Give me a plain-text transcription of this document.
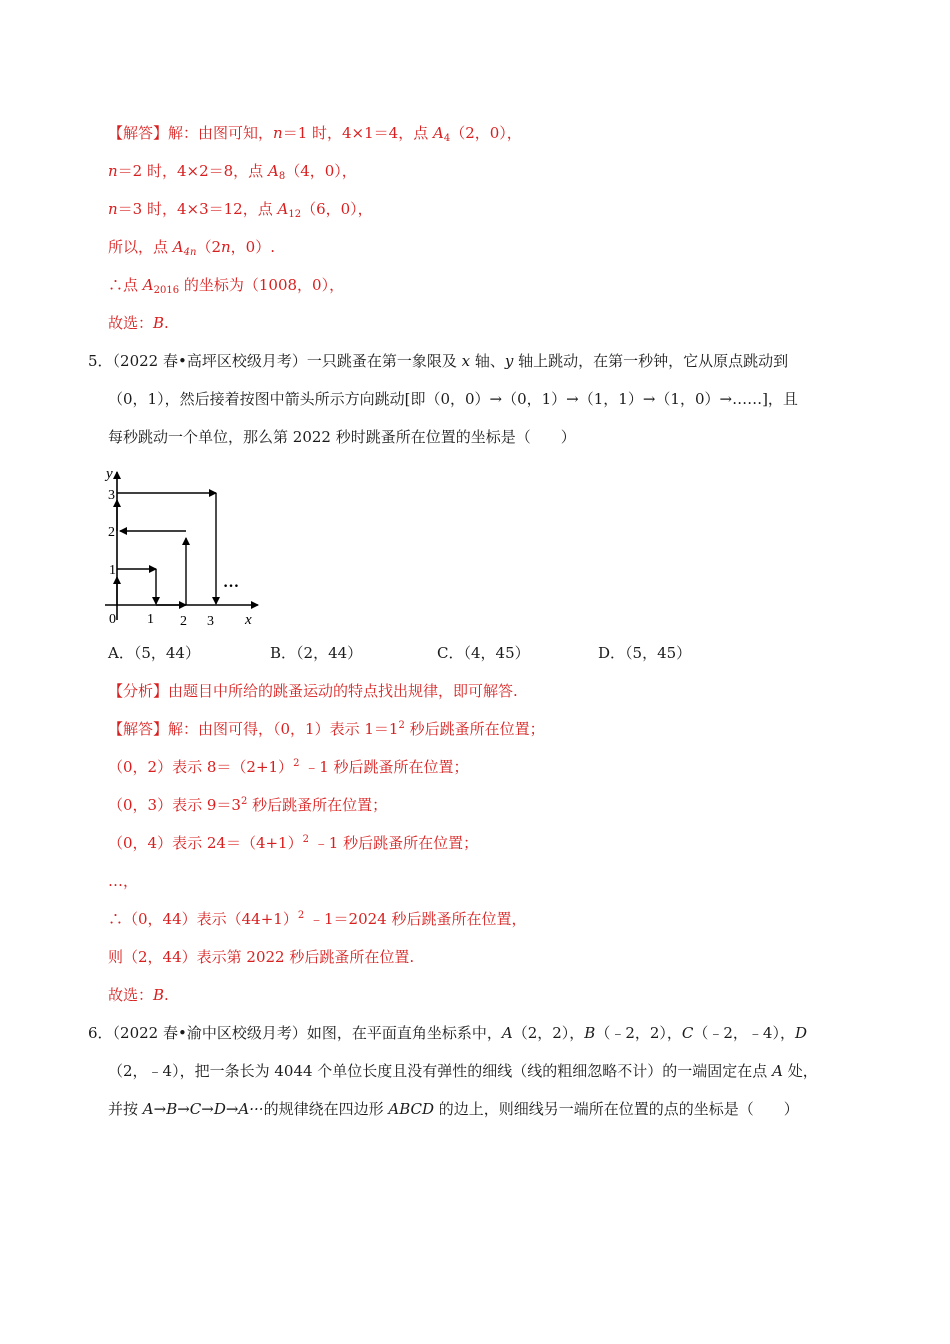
【解答】解：由图可知，n＝1 时，4×1＝4，点 $A_4(2$，0），
n＝2 时，4×2＝8，点 $A_8(4$，0），
n＝3 时，4×3＝12，点 $A_{12}(6$，0），
所以，点 $A_{4n}(2n$，0）.
∴点 $A_{2016}$ 的坐标为（1008，0），
故选：B.
5．（2022 春•高坪区校级月考）一只跳蚤在第一象限及 x 轴、y 轴上跳动，在第一秒钟，它从原点跳动到
（0，1），然后接着按图中箭头所示方向跳动[即（0，0）→（0，1）→（1，1）→（1，0）→……]，且
每秒跳动一个单位，那么第 2022 秒时跳蚤所在位置的坐标是（　　）
y
x
3
2
1
0 1 2 3
…
A．（5，44）	B．（2，44）	C．（4，45）	D．（5，45）
【分析】由题目中所给的跳蚤运动的特点找出规律，即可解答.
【解答】解：由图可得，（0，1）表示 $1=1^2$ 秒后跳蚤所在位置；
（0，2）表示 $8=(2+1)^2$ ﹣1 秒后跳蚤所在位置；
（0，3）表示 $9=3^2$ 秒后跳蚤所在位置；
（0，4）表示 $24=(4+1)^2$ ﹣1 秒后跳蚤所在位置；
…，
∴（0，44）表示$(44+1)^2$ ﹣1＝2024 秒后跳蚤所在位置，
则（2，44）表示第 2022 秒后跳蚤所在位置.
故选：B.
6．（2022 春•渝中区校级月考）如图，在平面直角坐标系中，A（2，2），B（﹣2，2），C（﹣2，﹣4），D
（2，﹣4），把一条长为 4044 个单位长度且没有弹性的细线（线的粗细忽略不计）的一端固定在点 A 处，
并按 A→B→C→D→A···的规律绕在四边形 ABCD 的边上，则细线另一端所在位置的点的坐标是（　　）
